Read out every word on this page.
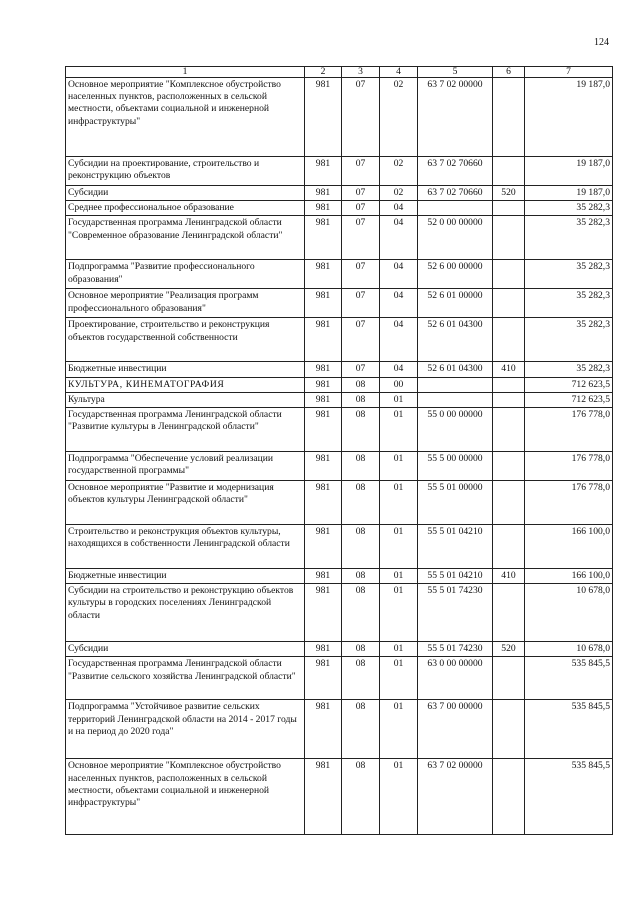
124
1	2	3	4	5	6	7
Основное мероприятие "Комплексное обустройство населенных пунктов, расположенных в сельской местности, объектами социальной и инженерной инфраструктуры"	981	07	02	63 7 02 00000		19 187,0
Субсидии на проектирование, строительство и реконструкцию объектов	981	07	02	63 7 02 70660		19 187,0
Субсидии	981	07	02	63 7 02 70660	520	19 187,0
Среднее профессиональное образование	981	07	04			35 282,3
Государственная программа Ленинградской области "Современное образование Ленинградской области"	981	07	04	52 0 00 00000		35 282,3
Подпрограмма "Развитие профессионального образования"	981	07	04	52 6 00 00000		35 282,3
Основное мероприятие "Реализация программ профессионального образования"	981	07	04	52 6 01 00000		35 282,3
Проектирование, строительство и реконструкция объектов государственной собственности	981	07	04	52 6 01 04300		35 282,3
Бюджетные инвестиции	981	07	04	52 6 01 04300	410	35 282,3
КУЛЬТУРА, КИНЕМАТОГРАФИЯ	981	08	00			712 623,5
Культура	981	08	01			712 623,5
Государственная программа Ленинградской области "Развитие культуры в Ленинградской области"	981	08	01	55 0 00 00000		176 778,0
Подпрограмма "Обеспечение условий реализации государственной программы"	981	08	01	55 5 00 00000		176 778,0
Основное мероприятие "Развитие и модернизация объектов культуры Ленинградской области"	981	08	01	55 5 01 00000		176 778,0
Строительство и реконструкция объектов культуры, находящихся в собственности Ленинградской области	981	08	01	55 5 01 04210		166 100,0
Бюджетные инвестиции	981	08	01	55 5 01 04210	410	166 100,0
Субсидии на строительство и реконструкцию объектов культуры в городских поселениях Ленинградской области	981	08	01	55 5 01 74230		10 678,0
Субсидии	981	08	01	55 5 01 74230	520	10 678,0
Государственная программа Ленинградской области "Развитие сельского хозяйства Ленинградской области"	981	08	01	63 0 00 00000		535 845,5
Подпрограмма "Устойчивое развитие сельских территорий Ленинградской области на 2014 - 2017 годы и на период до 2020 года"	981	08	01	63 7 00 00000		535 845,5
Основное мероприятие "Комплексное обустройство населенных пунктов, расположенных в сельской местности, объектами социальной и инженерной инфраструктуры"	981	08	01	63 7 02 00000		535 845,5
